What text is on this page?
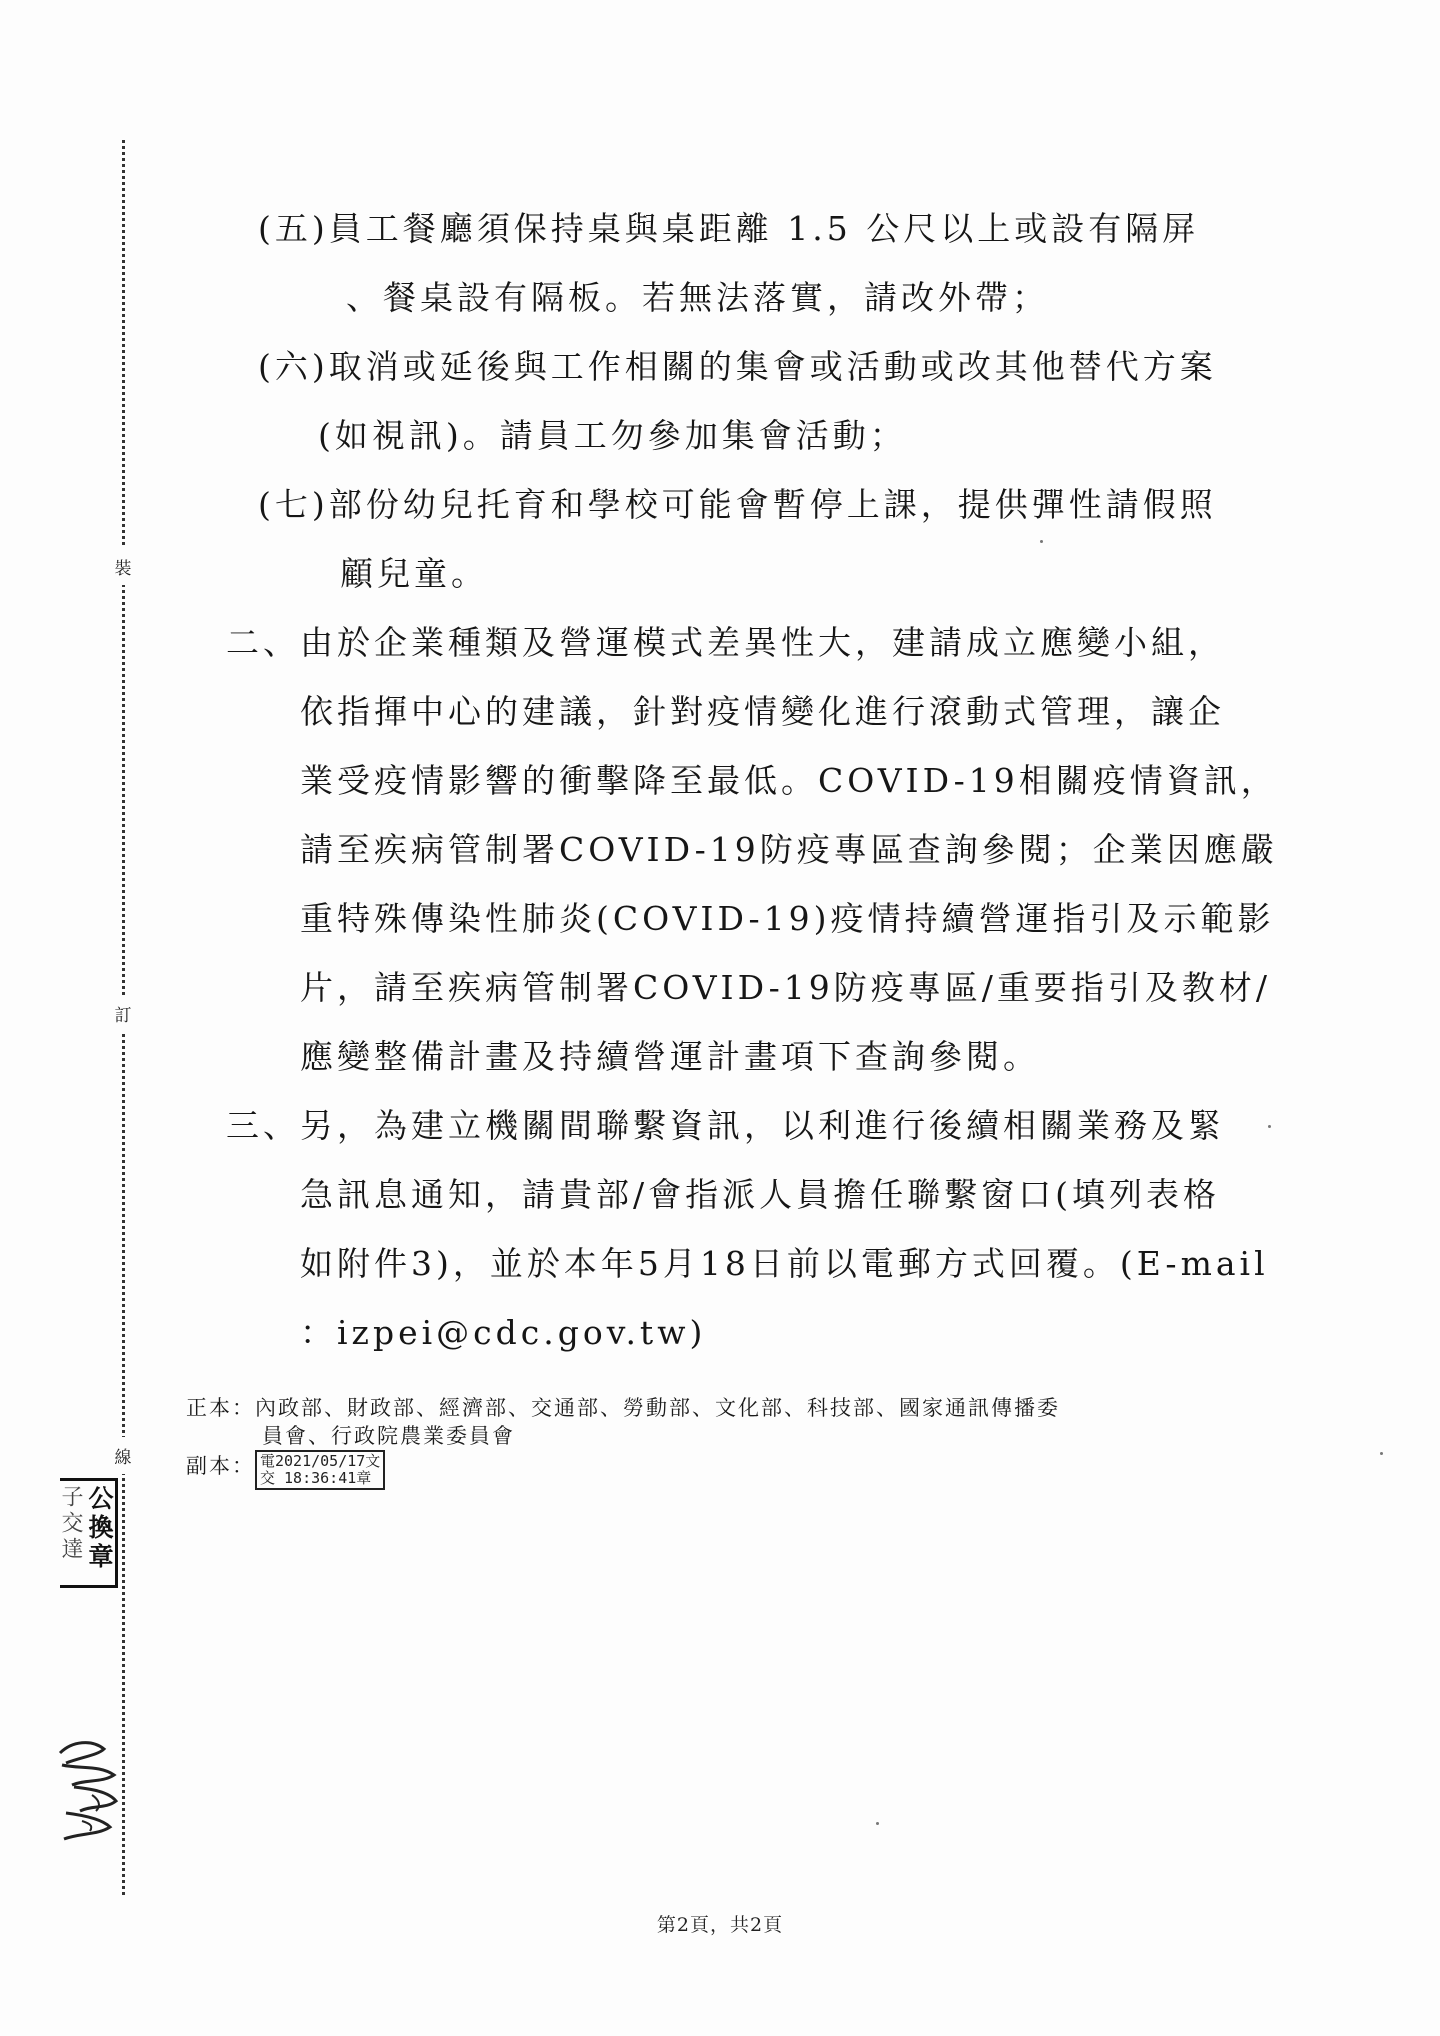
裝
訂
線
公換章
子交達
(五)員工餐廳須保持桌與桌距離 1.5 公尺以上或設有隔屏
、餐桌設有隔板。若無法落實，請改外帶；
(六)取消或延後與工作相關的集會或活動或改其他替代方案
(如視訊)。請員工勿參加集會活動；
(七)部份幼兒托育和學校可能會暫停上課，提供彈性請假照
顧兒童。
二、由於企業種類及營運模式差異性大，建請成立應變小組，
依指揮中心的建議，針對疫情變化進行滾動式管理，讓企
業受疫情影響的衝擊降至最低。COVID-19相關疫情資訊，
請至疾病管制署COVID-19防疫專區查詢參閱；企業因應嚴
重特殊傳染性肺炎(COVID-19)疫情持續營運指引及示範影
片，請至疾病管制署COVID-19防疫專區/重要指引及教材/
應變整備計畫及持續營運計畫項下查詢參閱。
三、另，為建立機關間聯繫資訊，以利進行後續相關業務及緊
急訊息通知，請貴部/會指派人員擔任聯繫窗口(填列表格
如附件3)，並於本年5月18日前以電郵方式回覆。(E-mail
：izpei@cdc.gov.tw)
正本：內政部、財政部、經濟部、交通部、勞動部、文化部、科技部、國家通訊傳播委
員會、行政院農業委員會
副本： 電2021/05/17文
交 18:36:41章
第2頁，共2頁
